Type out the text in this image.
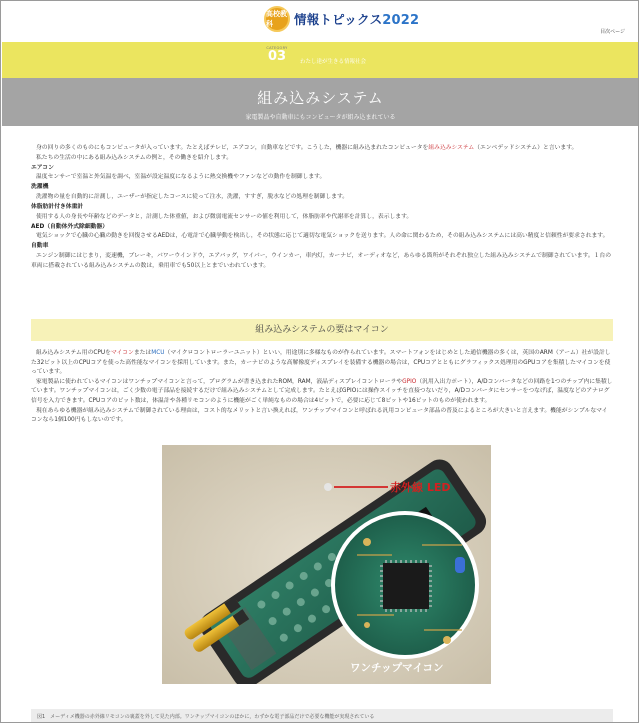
高校教科	情報トピックス2022
目次ページ
CATEGORY
03	わたし達が生きる情報社会
組み込みシステム
家電製品や自動車にもコンピュータが組み込まれている

身の回りの多くのものにもコンピュータが入っています。たとえばテレビ，エアコン，自動車などです。こうした，機器に組み込まれたコンピュータを組み込みシステム（エンベデッドシステム）と言います。

私たちの生活の中にある組み込みシステムの例と，その働きを紹介します。

エアコン

温度センサーで室温と外気温を調べ，室温が設定温度になるように熱交換機やファンなどの動作を制御します。

洗濯機

洗濯物の量を自動的に計測し，ユーザーが指定したコースに従って注水，洗濯，すすぎ，脱水などの処理を制御します。

体脂肪計付き体重計

使用する人の身長や年齢などのデータと，計測した体重値，および微弱電流センサーの値を利用して，体脂肪率や代謝率を計算し，表示します。

AED（自動体外式除細動器）

電気ショックで心臓の心臓の動きを回復させるAEDは，心電計で心臓挙動を検出し，その状態に応じて適切な電気ショックを送ります。人の命に関わるため，その組み込みシステムには高い精度と信頼性が要求されます。

自動車

エンジン制御にはじまり，変速機，ブレーキ，パワーウインドウ，エアバッグ，ワイパー，ウインカー，車内灯，カーナビ，オーディオなど，あらゆる箇所がそれぞれ独立した組み込みシステムで制御されています。１台の車両に搭載されている組み込みシステムの数は，乗用車でも50以上とまでいわれています。

組み込みシステムの要はマイコン

組み込みシステム用のCPUをマイコンまたはMCU（マイクロコントローラーユニット）といい，用途別に多様なものが作られています。スマートフォンをはじめとした通信機器の多くは，英国のARM（アーム）社が設計した32ビット以上のCPUコアを使った高性能なマイコンを採用しています。また，カーナビのような高解像度ディスプレイを装備する機器の場合は，CPUコアとともにグラフィックス処理用のGPUコアを集積したマイコンを使っています。

家電製品に使われているマイコンはワンチップマイコンと言って，プログラムが書き込まれたROM，RAM，液晶ディスプレイコントローラやGPIO（汎用入出力ポート），A/Dコンバータなどの回路を1つのチップ内に集積しています。ワンチップマイコンは，ごく少数の電子部品を接続するだけで組み込みシステムとして完成します。たとえばGPIOには操作スイッチを直接つないだり，A/Dコンバータにセンサーをつなげば，温度などのアナログ信号を入力できます。CPUコアのビット数は，体温計や各種リモコンのように機能がごく単純なものの場合は4ビットで，必要に応じて8ビットや16ビットのものが使われます。

現在あらゆる機器が組み込みシステムで制御されている理由は，コスト的なメリットと言い換えれば，ワンチップマイコンと呼ばれる汎用コンピュータ部品の普及によるところが大きいと言えます。機能がシンプルなマイコンなら1個100円もしないのです。

赤外線 LED
ワンチップマイコン
図1　メーディメ機器の赤外線リモコンの裏蓋を外して見た内部。ワンチップマイコンのほかに，わずかな電子部品だけで必要な機能が実現されている
